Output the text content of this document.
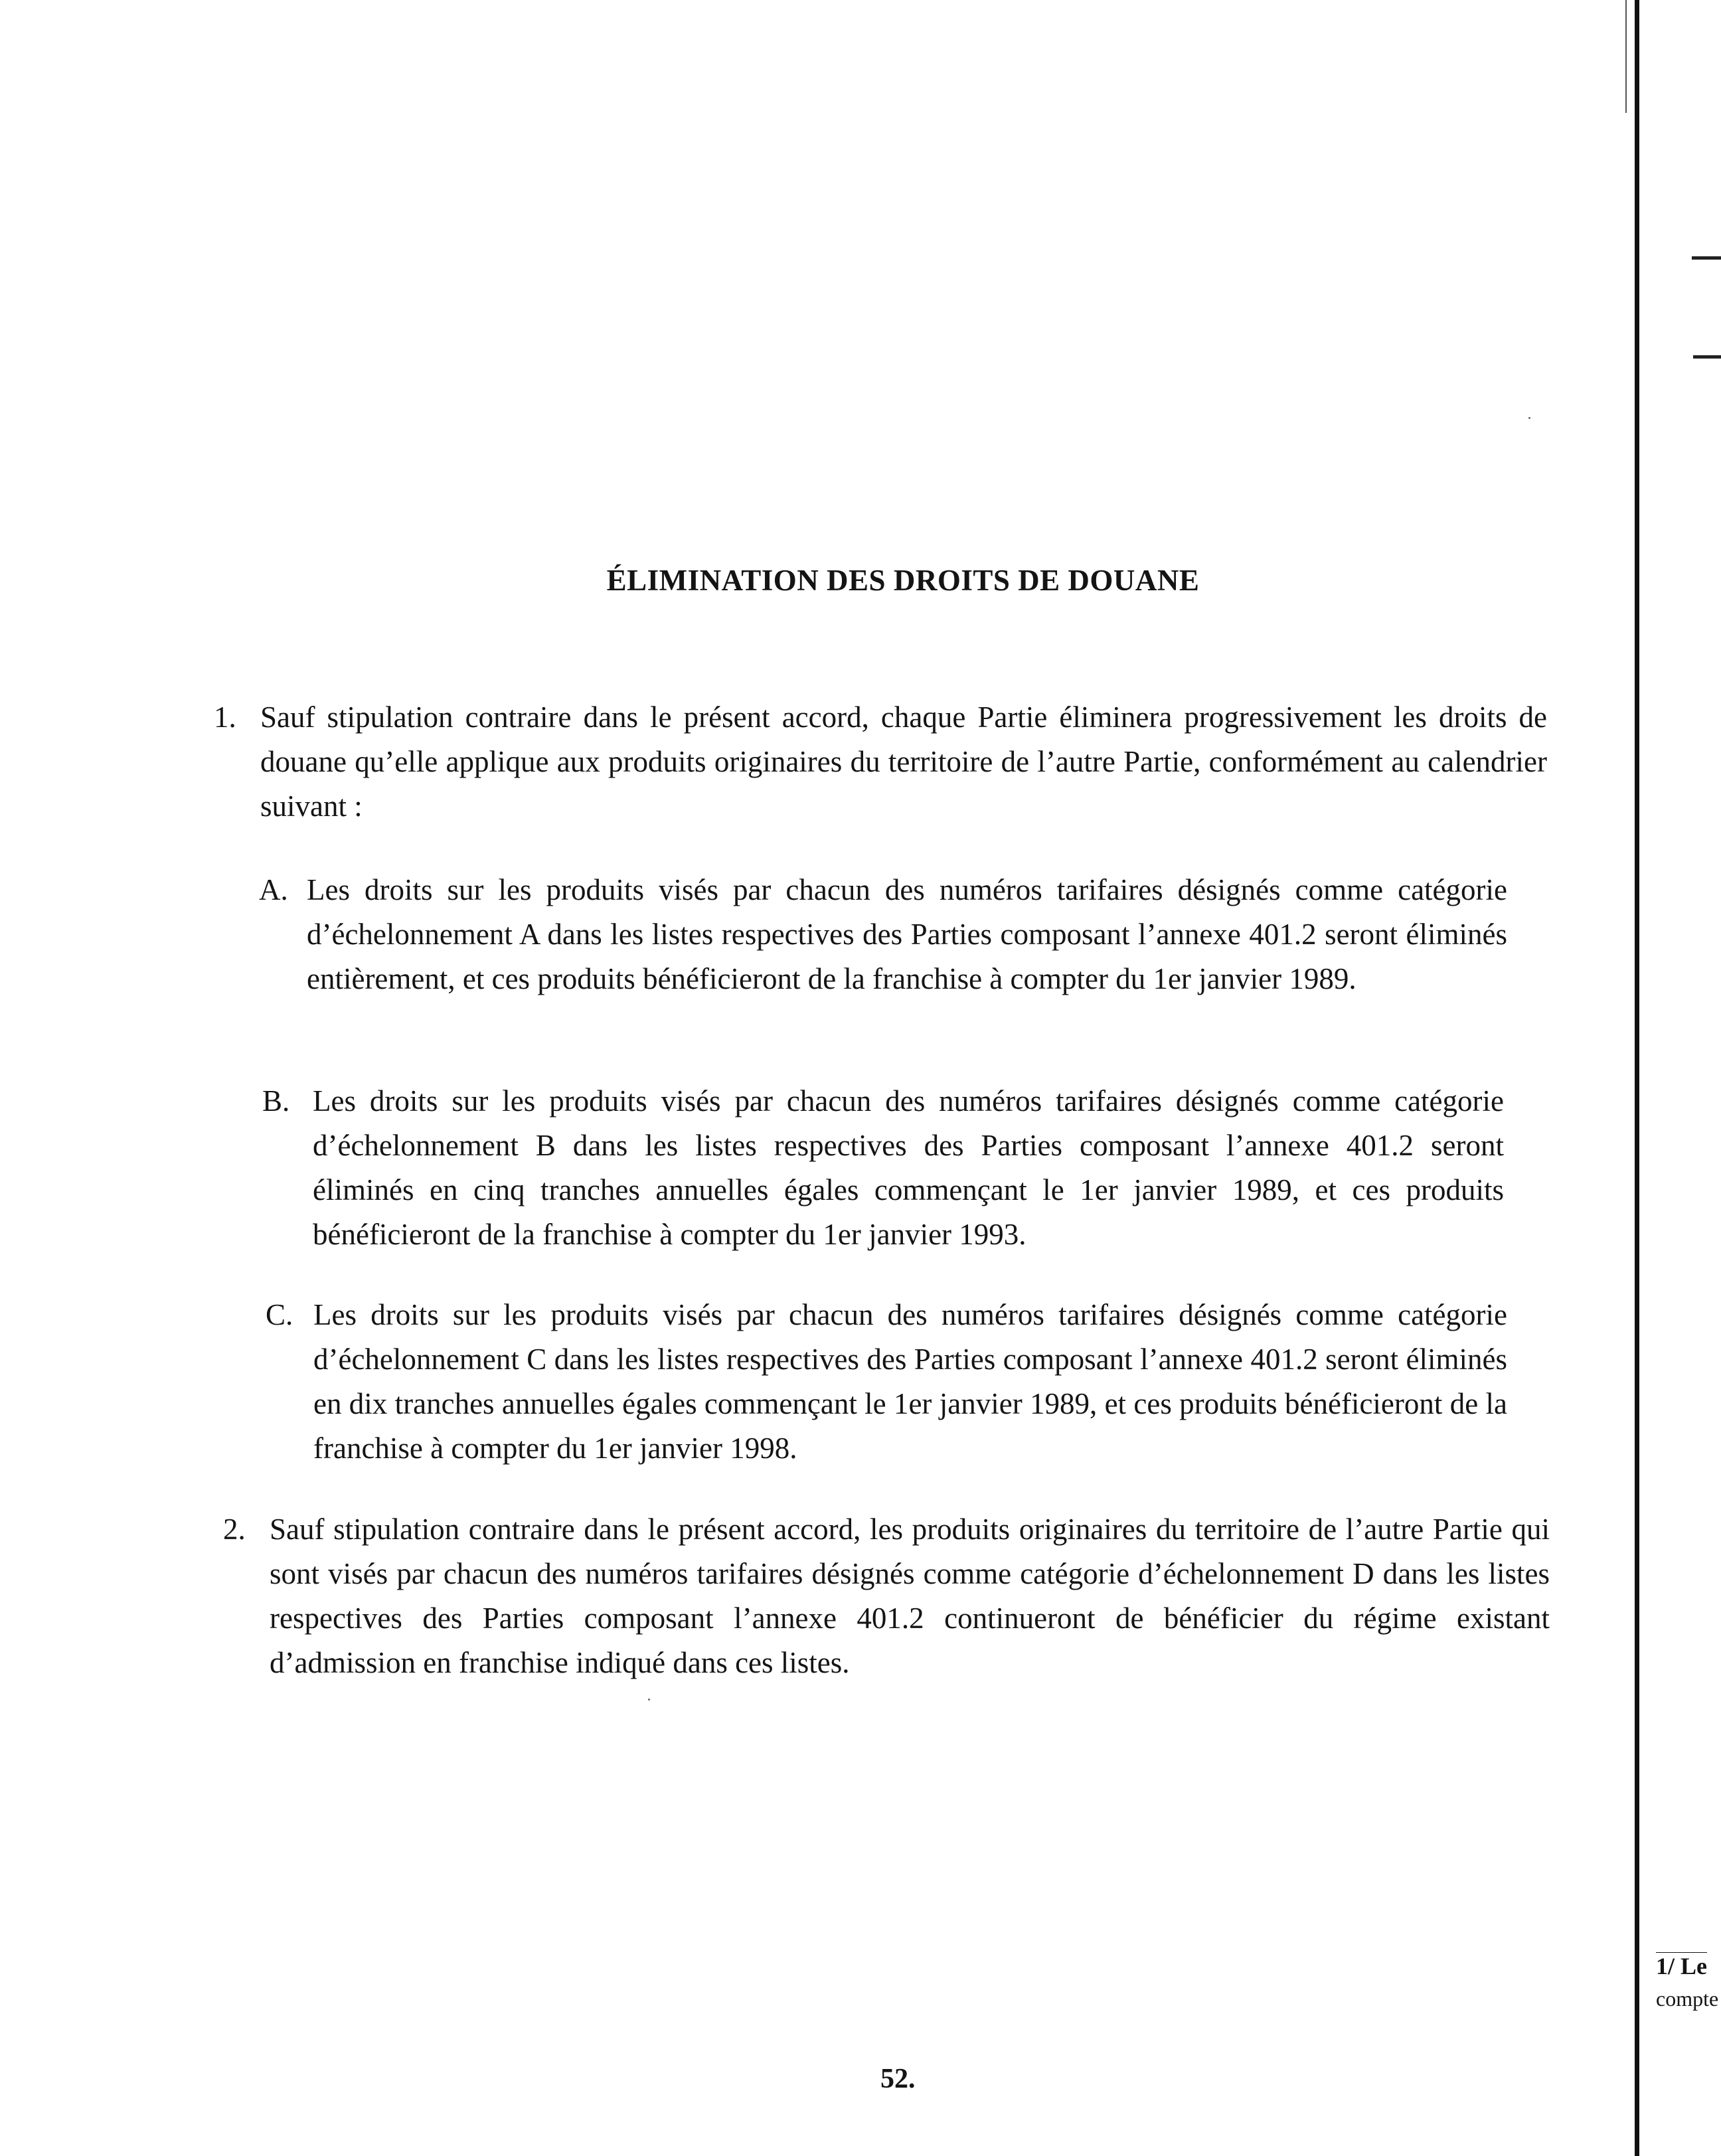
ÉLIMINATION DES DROITS DE DOUANE
1. Sauf stipulation contraire dans le présent accord, chaque Partie éliminera progressivement les droits de douane qu’elle applique aux produits originaires du territoire de l’autre Partie, conformément au calendrier suivant :
A. Les droits sur les produits visés par chacun des numéros tarifaires désignés comme catégorie d’échelonnement A dans les listes respectives des Parties composant l’annexe 401.2 seront éliminés entièrement, et ces produits bénéficieront de la franchise à compter du 1er janvier 1989.
B. Les droits sur les produits visés par chacun des numéros tarifaires désignés comme catégorie d’échelonnement B dans les listes respectives des Parties composant l’annexe 401.2 seront éliminés en cinq tranches annuelles égales commençant le 1er janvier 1989, et ces produits bénéficieront de la franchise à compter du 1er janvier 1993.
C. Les droits sur les produits visés par chacun des numéros tarifaires désignés comme catégorie d’échelonnement C dans les listes respectives des Parties composant l’annexe 401.2 seront éliminés en dix tranches annuelles égales commençant le 1er janvier 1989, et ces produits bénéficieront de la franchise à compter du 1er janvier 1998.
2. Sauf stipulation contraire dans le présent accord, les produits originaires du territoire de l’autre Partie qui sont visés par chacun des numéros tarifaires désignés comme catégorie d’échelonnement D dans les listes respectives des Parties composant l’annexe 401.2 continueront de bénéficier du régime existant d’admission en franchise indiqué dans ces listes.
52.
1/ Le
compte
